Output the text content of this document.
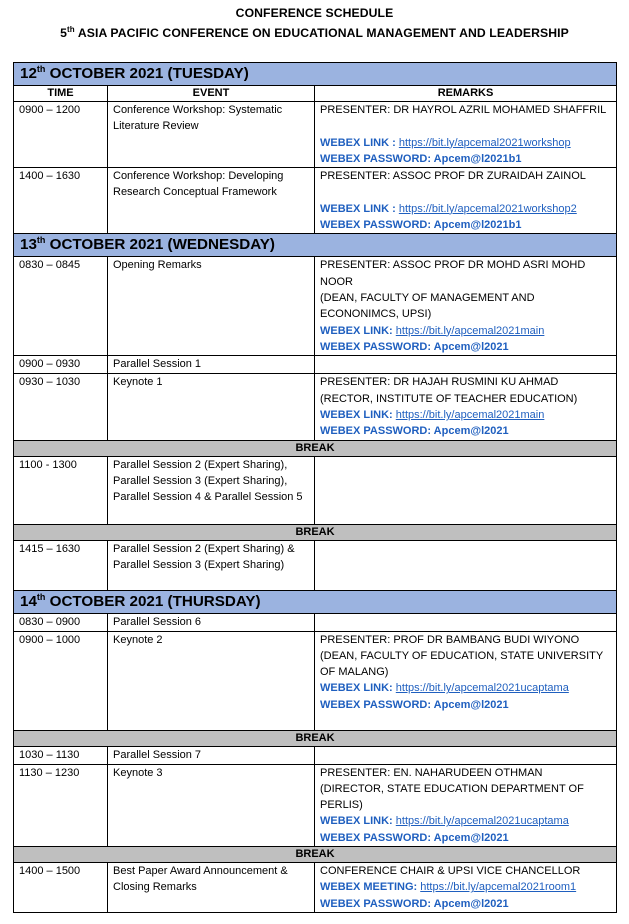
CONFERENCE SCHEDULE
5th ASIA PACIFIC CONFERENCE ON EDUCATIONAL MANAGEMENT AND LEADERSHIP
12th OCTOBER 2021 (TUESDAY)		
TIME	EVENT	REMARKS
0900 – 1200	Conference Workshop: Systematic Literature Review	PRESENTER: DR HAYROL AZRIL MOHAMED SHAFFRIL
WEBEX LINK : https://bit.ly/apcemal2021workshop
WEBEX PASSWORD: Apcem@l2021b1
1400 – 1630	Conference Workshop: Developing Research Conceptual Framework	PRESENTER: ASSOC PROF DR ZURAIDAH ZAINOL
WEBEX LINK : https://bit.ly/apcemal2021workshop2
WEBEX PASSWORD: Apcem@l2021b1
13th OCTOBER 2021 (WEDNESDAY)		
0830 – 0845	Opening Remarks	PRESENTER: ASSOC PROF DR MOHD ASRI MOHD NOOR
(DEAN, FACULTY OF MANAGEMENT AND ECONONIMCS, UPSI)
WEBEX LINK: https://bit.ly/apcemal2021main
WEBEX PASSWORD: Apcem@l2021
0900 – 0930	Parallel Session 1	
0930 – 1030	Keynote 1	PRESENTER: DR HAJAH RUSMINI KU AHMAD
(RECTOR, INSTITUTE OF TEACHER EDUCATION)
WEBEX LINK: https://bit.ly/apcemal2021main
WEBEX PASSWORD: Apcem@l2021
BREAK		
1100 - 1300	Parallel Session 2 (Expert Sharing), Parallel Session 3 (Expert Sharing), Parallel Session 4 & Parallel Session 5	
BREAK		
1415 – 1630	Parallel Session 2 (Expert Sharing) & Parallel Session 3 (Expert Sharing)	
14th OCTOBER 2021 (THURSDAY)		
0830 – 0900	Parallel Session 6	
0900 – 1000	Keynote 2	PRESENTER: PROF DR BAMBANG BUDI WIYONO
(DEAN, FACULTY OF EDUCATION, STATE UNIVERSITY OF MALANG)
WEBEX LINK: https://bit.ly/apcemal2021ucaptama
WEBEX PASSWORD: Apcem@l2021
BREAK		
1030 – 1130	Parallel Session 7	
1130 – 1230	Keynote 3	PRESENTER: EN. NAHARUDEEN OTHMAN
(DIRECTOR, STATE EDUCATION DEPARTMENT OF PERLIS)
WEBEX LINK: https://bit.ly/apcemal2021ucaptama
WEBEX PASSWORD: Apcem@l2021
BREAK		
1400 – 1500	Best Paper Award Announcement & Closing Remarks	CONFERENCE CHAIR & UPSI VICE CHANCELLOR
WEBEX MEETING: https://bit.ly/apcemal2021room1
WEBEX PASSWORD: Apcem@l2021
